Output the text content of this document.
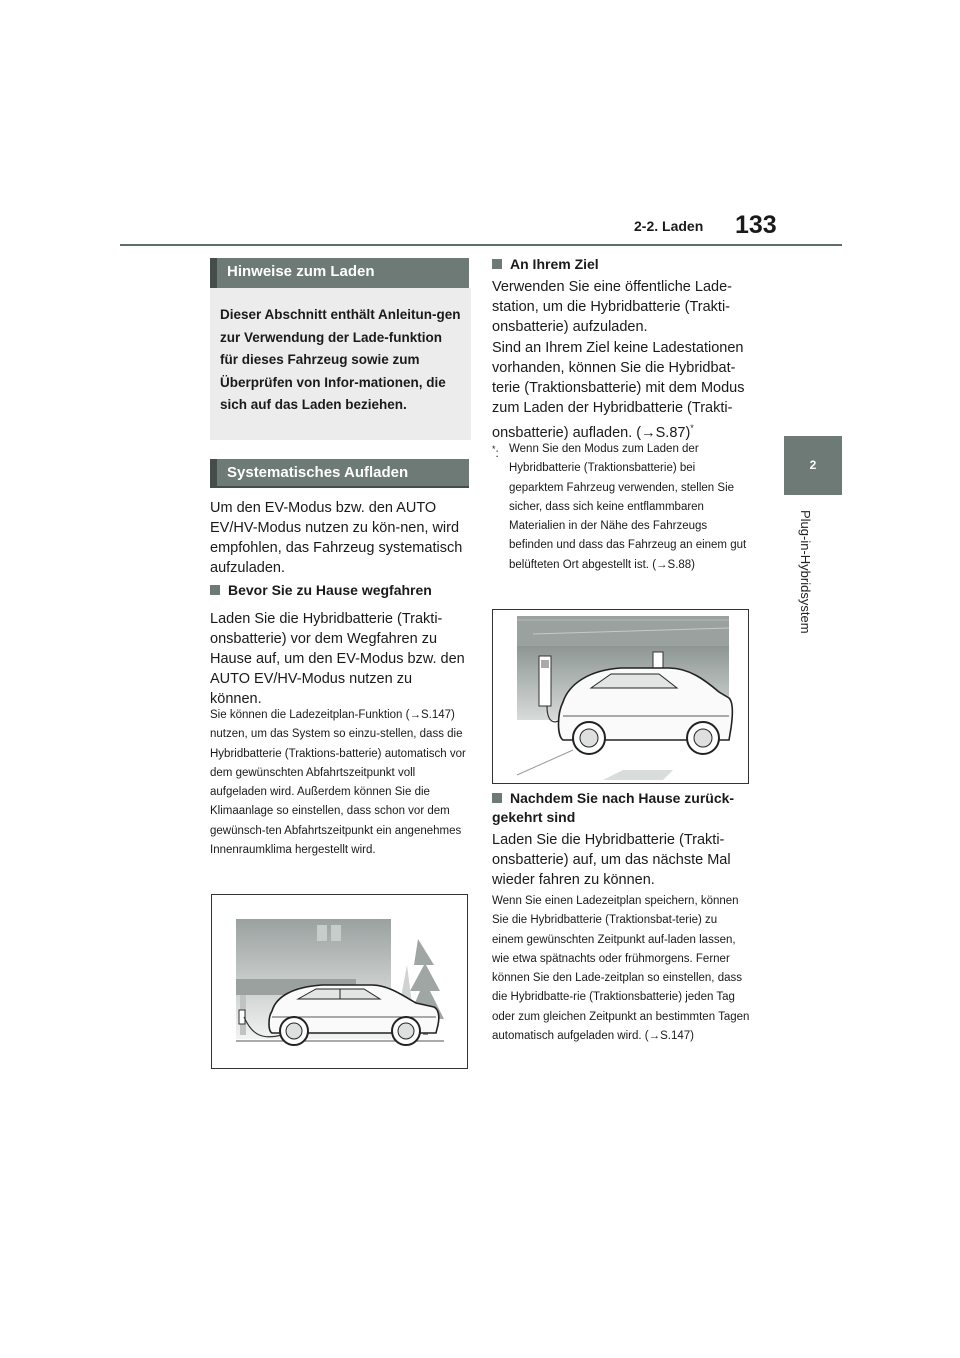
2-2. Laden 133
2
Plug-in-Hybridsystem
Hinweise zum Laden
Dieser Abschnitt enthält Anleitun-gen zur Verwendung der Lade-funktion für dieses Fahrzeug sowie zum Überprüfen von Infor-mationen, die sich auf das Laden beziehen.
Systematisches Aufladen
Um den EV-Modus bzw. den AUTO EV/HV-Modus nutzen zu kön-nen, wird empfohlen, das Fahrzeug systematisch aufzuladen.
Bevor Sie zu Hause wegfahren
Laden Sie die Hybridbatterie (Trakti-onsbatterie) vor dem Wegfahren zu Hause auf, um den EV-Modus bzw. den AUTO EV/HV-Modus nutzen zu können.
Sie können die Ladezeitplan-Funktion (→S.147) nutzen, um das System so einzu-stellen, dass die Hybridbatterie (Traktions-batterie) automatisch vor dem gewünschten Abfahrtszeitpunkt voll aufgeladen wird. Außerdem können Sie die Klimaanlage so einstellen, dass schon vor dem gewünsch-ten Abfahrtszeitpunkt ein angenehmes Innenraumklima hergestellt wird.
An Ihrem Ziel
Verwenden Sie eine öffentliche Lade-station, um die Hybridbatterie (Trakti-onsbatterie) aufzuladen.
Sind an Ihrem Ziel keine Ladestationen vorhanden, können Sie die Hybridbat-terie (Traktionsbatterie) mit dem Modus zum Laden der Hybridbatterie (Trakti-onsbatterie) aufladen. (→S.87)*
*: Wenn Sie den Modus zum Laden der Hybridbatterie (Traktionsbatterie) bei geparktem Fahrzeug verwenden, stellen Sie sicher, dass sich keine entflammbaren Materialien in der Nähe des Fahrzeugs befinden und dass das Fahrzeug an einem gut belüfteten Ort abgestellt ist. (→S.88)
Nachdem Sie nach Hause zurück-gekehrt sind
Laden Sie die Hybridbatterie (Trakti-onsbatterie) auf, um das nächste Mal wieder fahren zu können.
Wenn Sie einen Ladezeitplan speichern, können Sie die Hybridbatterie (Traktionsbat-terie) zu einem gewünschten Zeitpunkt auf-laden lassen, wie etwa spätnachts oder frühmorgens. Ferner können Sie den Lade-zeitplan so einstellen, dass die Hybridbatte-rie (Traktionsbatterie) jeden Tag oder zum gleichen Zeitpunkt an bestimmten Tagen automatisch aufgeladen wird. (→S.147)
